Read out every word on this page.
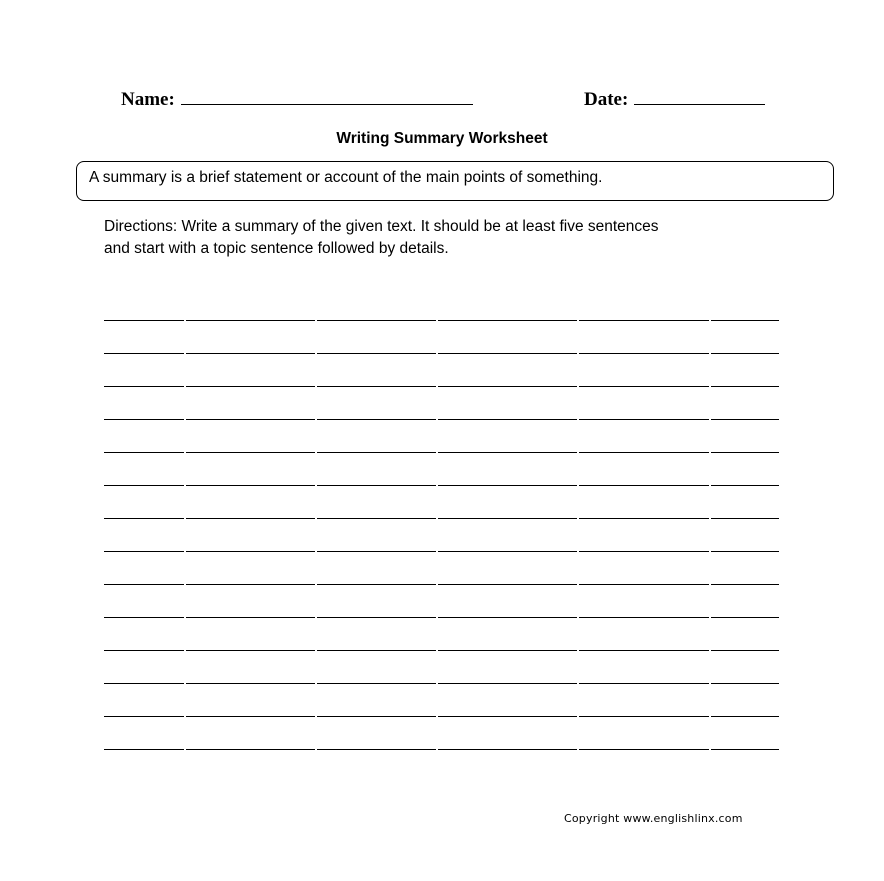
Name:	Date:
Writing Summary Worksheet
A summary is a brief statement or account of the main points of something.
Directions: Write a summary of the given text. It should be at least five sentences
and start with a topic sentence followed by details.
Copyright www.englishlinx.com
